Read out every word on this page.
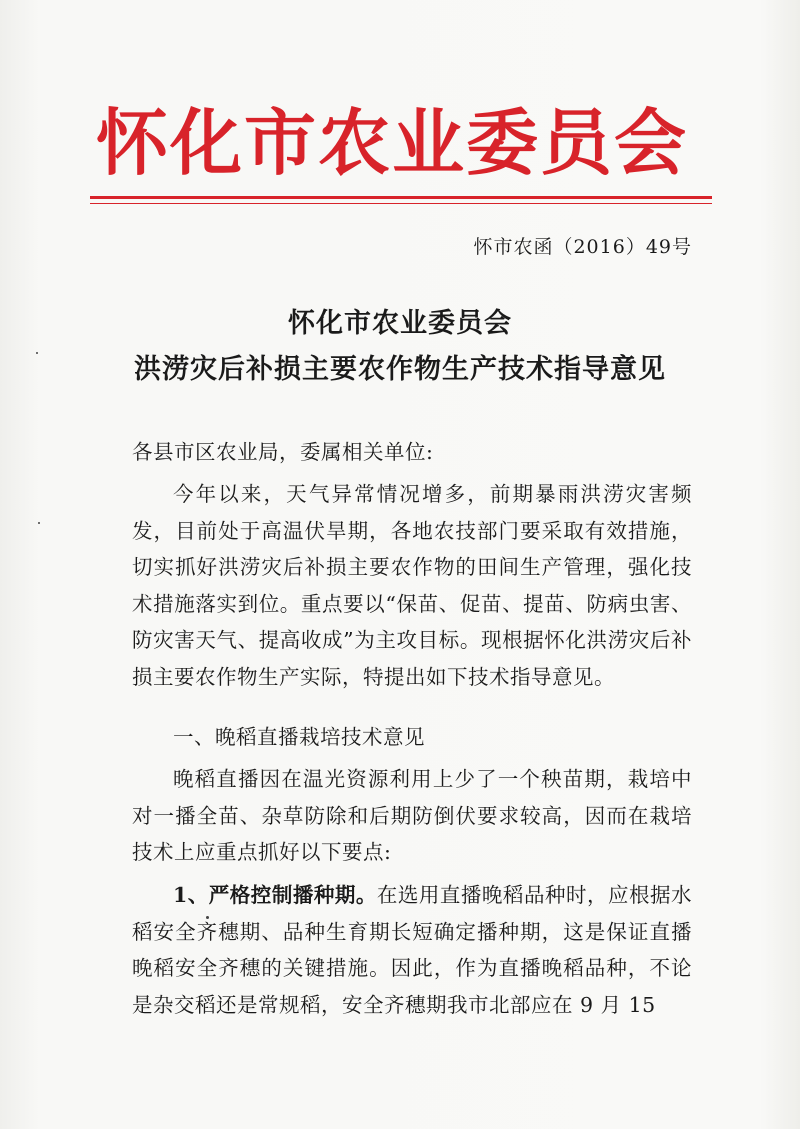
怀化市农业委员会
怀市农函（2016）49号
怀化市农业委员会
洪涝灾后补损主要农作物生产技术指导意见
各县市区农业局，委属相关单位:
今年以来，天气异常情况增多，前期暴雨洪涝灾害频发，目前处于高温伏旱期，各地农技部门要采取有效措施，切实抓好洪涝灾后补损主要农作物的田间生产管理，强化技术措施落实到位。重点要以“保苗、促苗、提苗、防病虫害、防灾害天气、提高收成”为主攻目标。现根据怀化洪涝灾后补损主要农作物生产实际，特提出如下技术指导意见。
一、晚稻直播栽培技术意见
晚稻直播因在温光资源利用上少了一个秧苗期，栽培中对一播全苗、杂草防除和后期防倒伏要求较高，因而在栽培技术上应重点抓好以下要点:
1、严格控制播种期。在选用直播晚稻品种时，应根据水稻安全齐穗期、品种生育期长短确定播种期，这是保证直播晚稻安全齐穗的关键措施。因此，作为直播晚稻品种，不论是杂交稻还是常规稻，安全齐穗期我市北部应在 9 月 15
